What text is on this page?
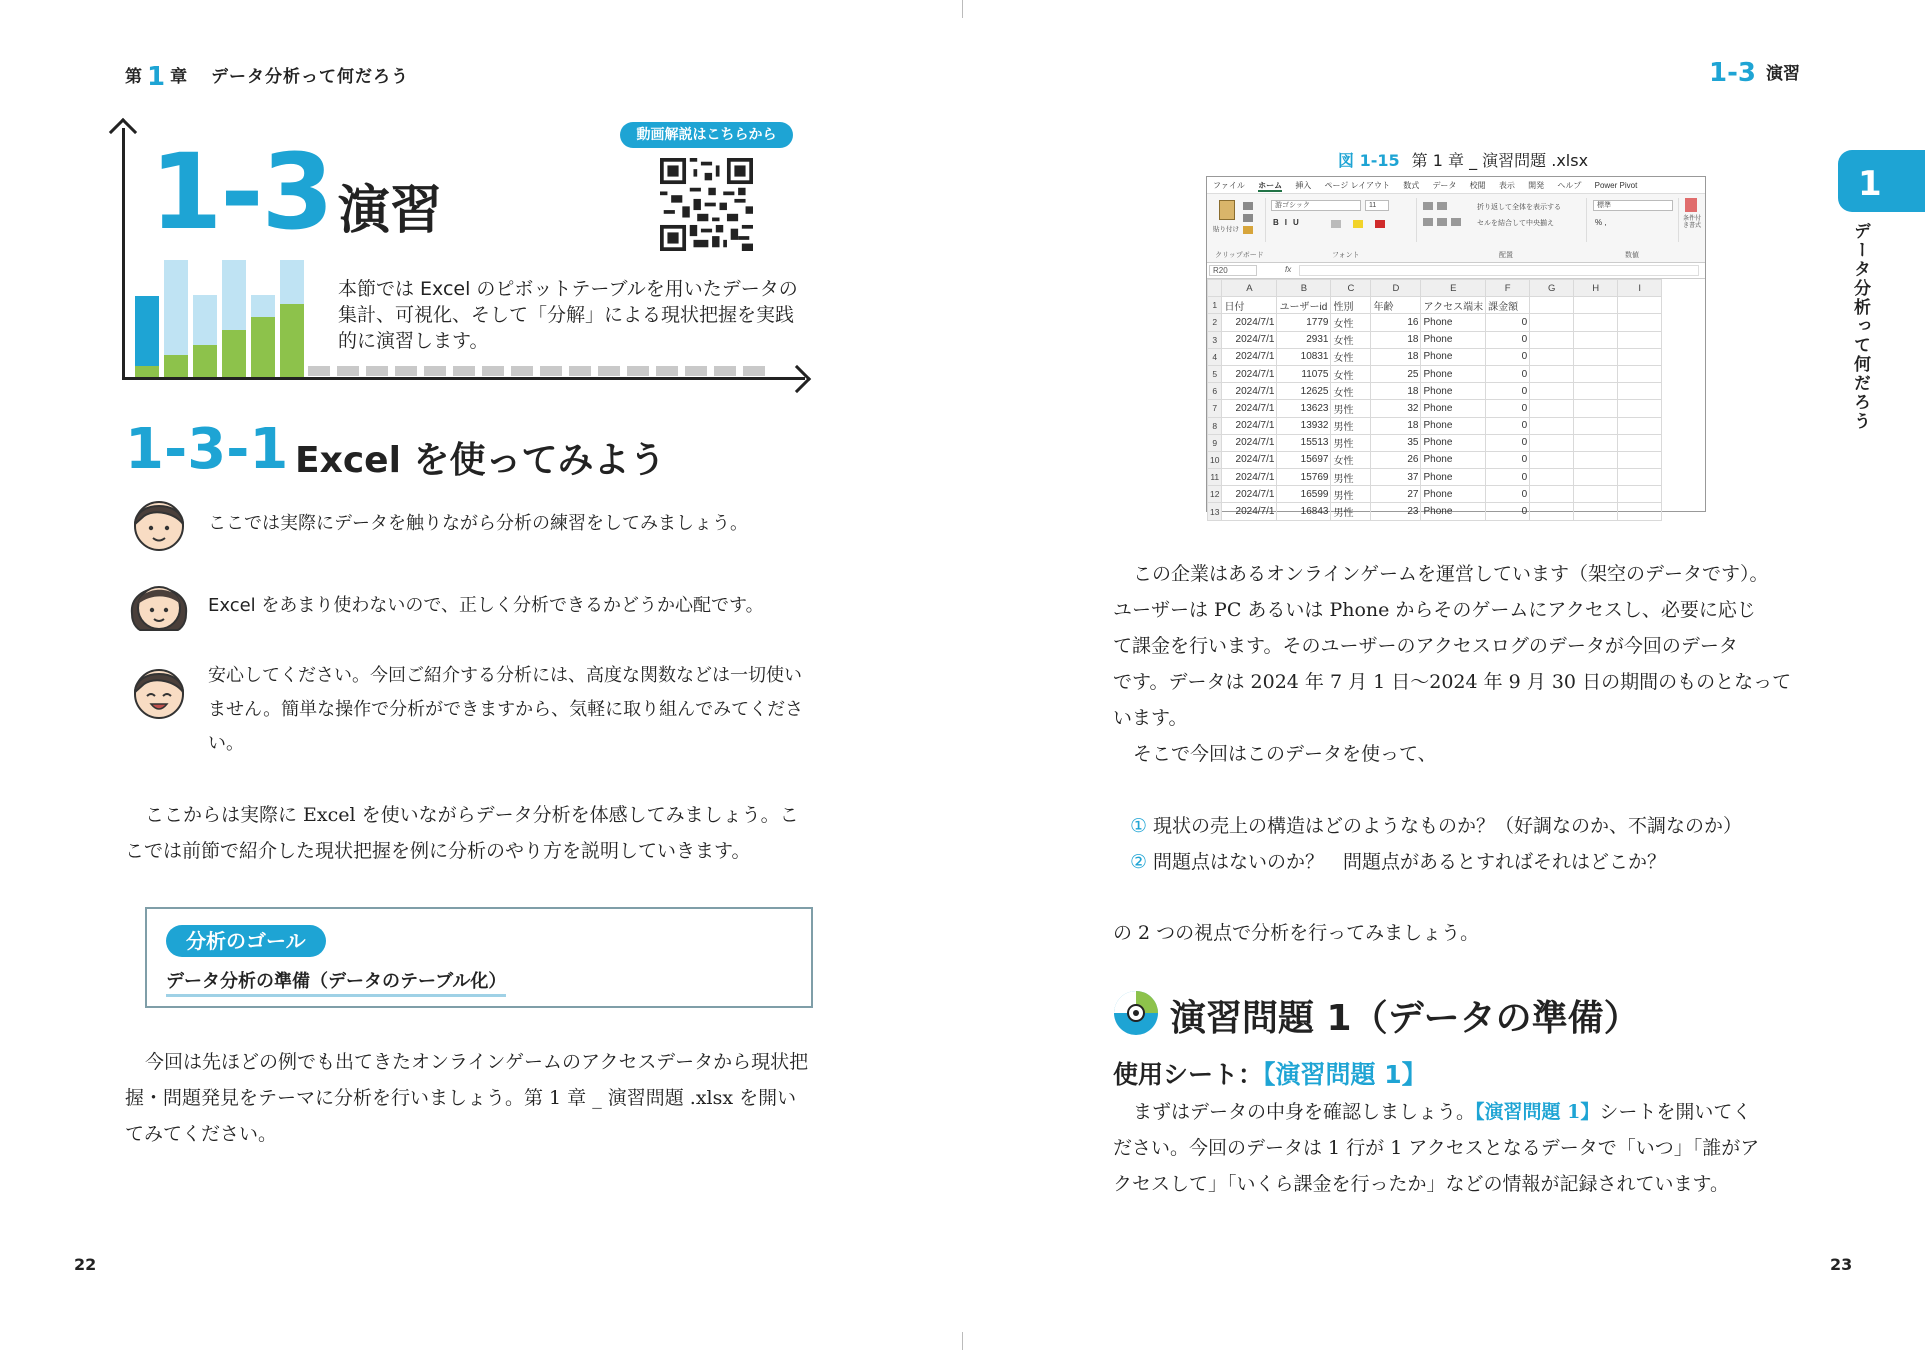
第 1 章 データ分析って何だろう
1-3 演習
動画解説はこちらから
本節では Excel のピボットテーブルを用いたデータの集計、可視化、そして「分解」による現状把握を実践的に演習します。
1-3-1 Excel を使ってみよう
ここでは実際にデータを触りながら分析の練習をしてみましょう。
Excel をあまり使わないので、正しく分析できるかどうか心配です。
安心してください。今回ご紹介する分析には、高度な関数などは一切使いません。簡単な操作で分析ができますから、気軽に取り組んでみてください。
ここからは実際に Excel を使いながらデータ分析を体感してみましょう。ここでは前節で紹介した現状把握を例に分析のやり方を説明していきます。
分析のゴール
データ分析の準備（データのテーブル化）
今回は先ほどの例でも出てきたオンラインゲームのアクセスデータから現状把握・問題発見をテーマに分析を行いましょう。第 1 章 _ 演習問題 .xlsx を開いてみてください。
22
1-3 演習
1
データ分析って何だろう
図 1-15 第 1 章 _ 演習問題 .xlsx
ファイル ホーム 挿入 ページ レイアウト 数式 データ 校閲 表示 開発 ヘルプ Power Pivot
貼り付け
クリップボード
游ゴシック	11
BIU
フォント
折り返して全体を表示する
セルを結合して中央揃え
配置
標準
% ,
数値
条件付き書式
R20	fx
	A	B	C	D	E	F	G	H	I
1	日付	ユーザーid	性別	年齢	アクセス端末	課金額			
2	2024/7/1	1779	女性	16	Phone	0			
3	2024/7/1	2931	女性	18	Phone	0			
4	2024/7/1	10831	女性	18	Phone	0			
5	2024/7/1	11075	女性	25	Phone	0			
6	2024/7/1	12625	女性	18	Phone	0			
7	2024/7/1	13623	男性	32	Phone	0			
8	2024/7/1	13932	男性	18	Phone	0			
9	2024/7/1	15513	男性	35	Phone	0			
10	2024/7/1	15697	女性	26	Phone	0			
11	2024/7/1	15769	男性	37	Phone	0			
12	2024/7/1	16599	男性	27	Phone	0			
13	2024/7/1	16843	男性	23	Phone	0			
この企業はあるオンラインゲームを運営しています（架空のデータです）。
ユーザーは PC あるいは Phone からそのゲームにアクセスし、必要に応じ
て課金を行います。そのユーザーのアクセスログのデータが今回のデータ
です。データは 2024 年 7 月 1 日〜2024 年 9 月 30 日の期間のものとなって
います。
そこで今回はこのデータを使って、
① 現状の売上の構造はどのようなものか？（好調なのか、不調なのか）
② 問題点はないのか？　問題点があるとすればそれはどこか？
の 2 つの視点で分析を行ってみましょう。
演習問題 1（データの準備）
使用シート：【演習問題 1】
まずはデータの中身を確認しましょう。【演習問題 1】シートを開いてく
ださい。今回のデータは 1 行が 1 アクセスとなるデータで「いつ」「誰がア
クセスして」「いくら課金を行ったか」などの情報が記録されています。
23
